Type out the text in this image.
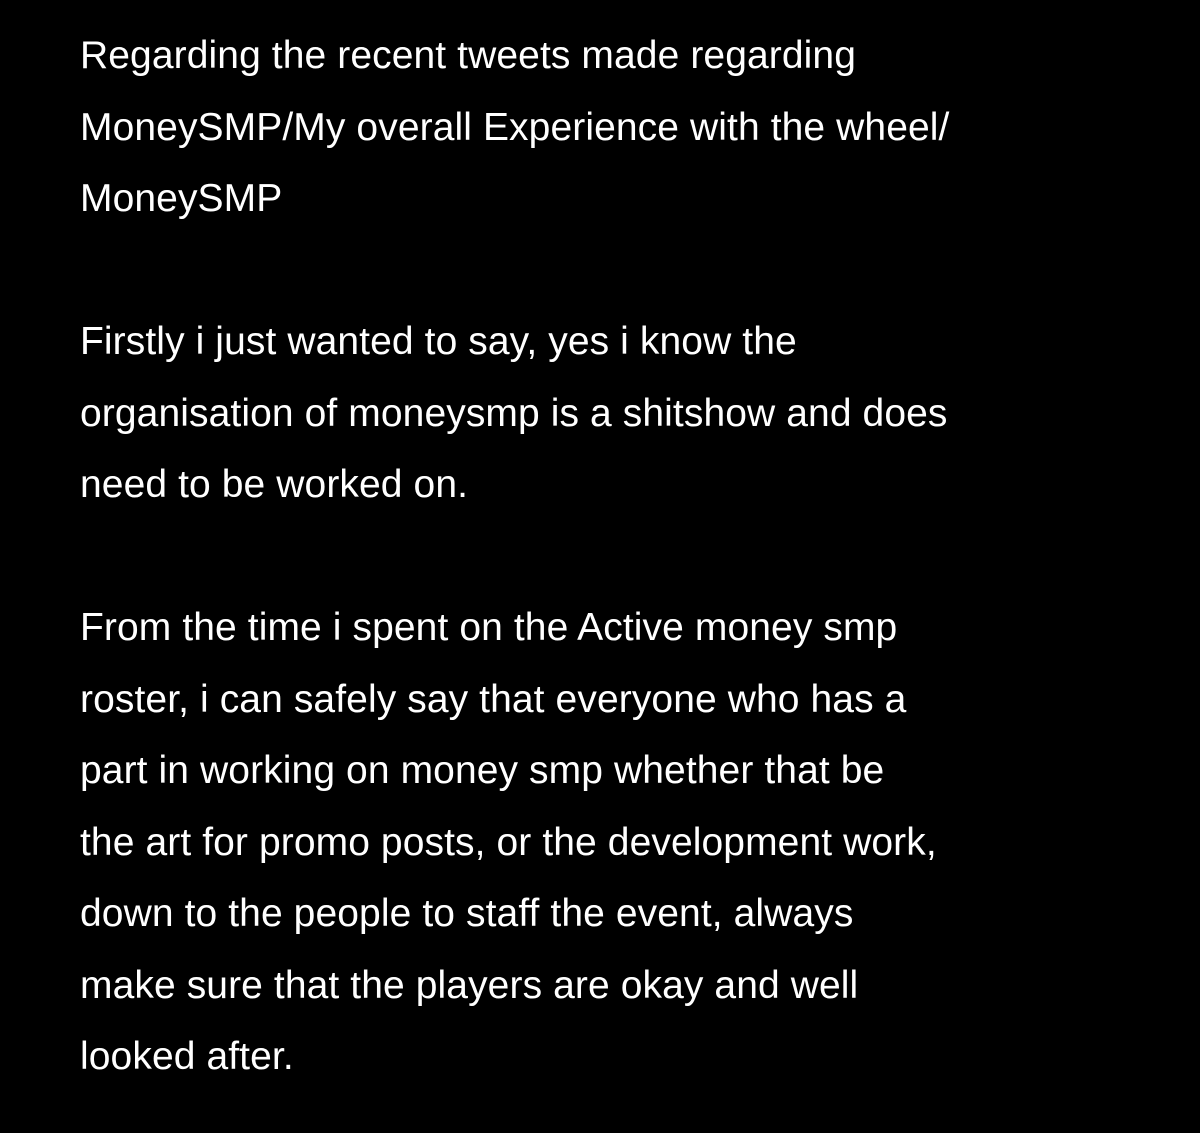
Regarding the recent tweets made regarding
MoneySMP/My overall Experience with the wheel/
MoneySMP

Firstly i just wanted to say, yes i know the
organisation of moneysmp is a shitshow and does
need to be worked on.

From the time i spent on the Active money smp
roster, i can safely say that everyone who has a
part in working on money smp whether that be
the art for promo posts, or the development work,
down to the people to staff the event, always
make sure that the players are okay and well
looked after.
